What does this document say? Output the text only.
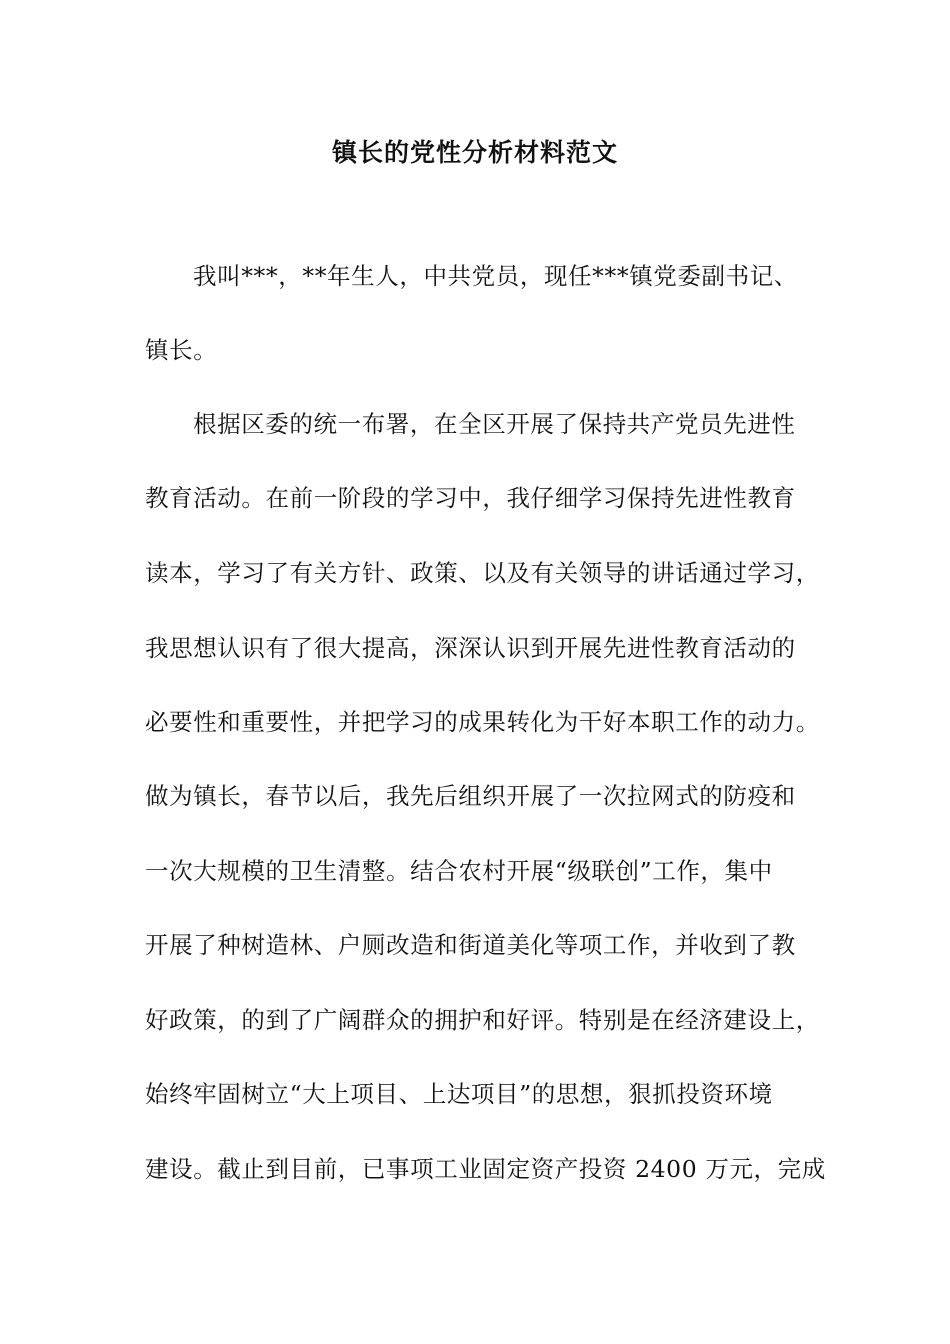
镇长的党性分析材料范文
我叫***，**年生人，中共党员，现任***镇党委副书记、
镇长。
根据区委的统一布署，在全区开展了保持共产党员先进性
教育活动。在前一阶段的学习中，我仔细学习保持先进性教育
读本，学习了有关方针、政策、以及有关领导的讲话通过学习，
我思想认识有了很大提高，深深认识到开展先进性教育活动的
必要性和重要性，并把学习的成果转化为干好本职工作的动力。
做为镇长，春节以后，我先后组织开展了一次拉网式的防疫和
一次大规模的卫生清整。结合农村开展“级联创”工作，集中
开展了种树造林、户厕改造和街道美化等项工作，并收到了教
好政策，的到了广阔群众的拥护和好评。特别是在经济建设上，
始终牢固树立“大上项目、上达项目”的思想，狠抓投资环境
建设。截止到目前，已事项工业固定资产投资 2400 万元，完成
